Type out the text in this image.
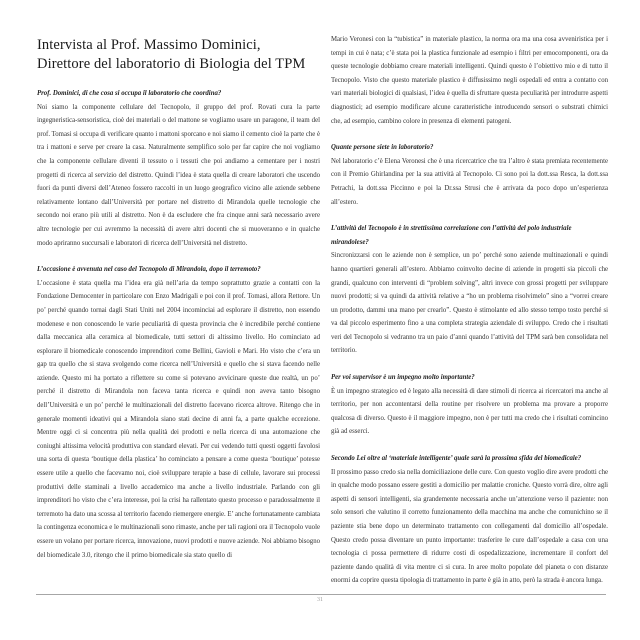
Intervista al Prof. Massimo Dominici,
Direttore del laboratorio di Biologia del TPM
Prof. Dominici, di che cosa si occupa il laboratorio che coordina?
Noi siamo la componente cellulare del Tecnopolo, il gruppo del prof. Rovati cura la parte ingegneristica-sensoristica, cioè dei materiali o del mattone se vogliamo usare un paragone, il team del prof. Tomasi si occupa di verificare quanto i mattoni sporcano e noi siamo il cemento cioè la parte che è tra i mattoni e serve per creare la casa. Naturalmente semplifico solo per far capire che noi vogliamo che la componente cellulare diventi il tessuto o i tessuti che poi andiamo a cementare per i nostri progetti di ricerca al servizio del distretto. Quindi l’idea è stata quella di creare laboratori che uscendo fuori da punti diversi dell’Ateneo fossero raccolti in un luogo geografico vicino alle aziende sebbene relativamente lontano dall’Università per portare nel distretto di Mirandola quelle tecnologie che secondo noi erano più utili al distretto. Non è da escludere che fra cinque anni sarà necessario avere altre tecnologie per cui avremmo la necessità di avere altri docenti che si muoveranno e in qualche modo apriranno succursali e laboratori di ricerca dell’Università nel distretto.
L’occasione è avvenuta nel caso del Tecnopolo di Mirandola, dopo il terremoto?
L’occasione è stata quella ma l’idea era già nell’aria da tempo soprattutto grazie a contatti con la Fondazione Democenter in particolare con Enzo Madrigali e poi con il prof. Tomasi, allora Rettore. Un po’ perché quando tornai dagli Stati Uniti nel 2004 incominciai ad esplorare il distretto, non essendo modenese e non conoscendo le varie peculiarità di questa provincia che è incredibile perché contiene dalla meccanica alla ceramica al biomedicale, tutti settori di altissimo livello. Ho cominciato ad esplorare il biomedicale conoscendo imprenditori come Bellini, Gavioli e Mari. Ho visto che c’era un gap tra quello che si stava svolgendo come ricerca nell’Università e quello che si stava facendo nelle aziende. Questo mi ha portato a riflettere su come si potevano avvicinare queste due realtà, un po’ perché il distretto di Mirandola non faceva tanta ricerca e quindi non aveva tanto bisogno dell’Università e un po’ perché le multinazionali del distretto facevano ricerca altrove. Ritengo che in generale momenti ideativi qui a Mirandola siano stati decine di anni fa, a parte qualche eccezione. Mentre oggi ci si concentra più nella qualità dei prodotti e nella ricerca di una automazione che coniughi altissima velocità produttiva con standard elevati. Per cui vedendo tutti questi oggetti favolosi una sorta di questa ‘boutique della plastica’ ho cominciato a pensare a come questa ‘boutique’ potesse essere utile a quello che facevamo noi, cioè sviluppare terapie a base di cellule, lavorare sui processi produttivi delle staminali a livello accademico ma anche a livello industriale. Parlando con gli imprenditori ho visto che c’era interesse, poi la crisi ha rallentato questo processo e paradossalmente il terremoto ha dato una scossa al territorio facendo riemergere energie. E’ anche fortunatamente cambiata la contingenza economica e le multinazionali sono rimaste, anche per tali ragioni ora il Tecnopolo vuole essere un volano per portare ricerca, innovazione, nuovi prodotti e nuove aziende. Noi abbiamo bisogno del biomedicale 3.0, ritengo che il primo biomedicale sia stato quello di
Mario Veronesi con la “tubistica” in materiale plastico, la norma ora ma una cosa avveniristica per i tempi in cui è nata; c’è stata poi la plastica funzionale ad esempio i filtri per emocomponenti, ora da queste tecnologie dobbiamo creare materiali intelligenti. Quindi questo è l’obiettivo mio e di tutto il Tecnopolo. Visto che questo materiale plastico è diffusissimo negli ospedali ed entra a contatto con vari materiali biologici di qualsiasi, l’idea è quella di sfruttare questa peculiarità per introdurre aspetti diagnostici; ad esempio modificare alcune caratteristiche introducendo sensori o substrati chimici che, ad esempio, cambino colore in presenza di elementi patogeni.
Quante persone siete in laboratorio?
Nel laboratorio c’è Elena Veronesi che è una ricercatrice che tra l’altro è stata premiata recentemente con il Premio Ghirlandina per la sua attività al Tecnopolo. Ci sono poi la dott.ssa Resca, la dott.ssa Petrachi, la dott.ssa Piccinno e poi la Dr.ssa Strusi che è arrivata da poco dopo un’esperienza all’estero.
L’attività del Tecnopolo è in strettissima correlazione con l’attività del polo industriale mirandolese?
Sincronizzarsi con le aziende non è semplice, un po’ perché sono aziende multinazionali e quindi hanno quartieri generali all’estero. Abbiamo coinvolto decine di aziende in progetti sia piccoli che grandi, qualcuno con interventi di “problem solving”, altri invece con grossi progetti per sviluppare nuovi prodotti; si va quindi da attività relative a “ho un problema risolvimelo” sino a “vorrei creare un prodotto, dammi una mano per crearlo”. Questo è stimolante ed allo stesso tempo tosto perché si va dal piccolo esperimento fino a una completa strategia aziendale di sviluppo. Credo che i risultati veri del Tecnopolo si vedranno tra un paio d’anni quando l’attività del TPM sarà ben consolidata nel territorio.
Per voi supervisor è un impegno molto importante?
È un impegno strategico ed è legato alla necessità di dare stimoli di ricerca ai ricercatori ma anche al territorio, per non accontentarsi della routine per risolvere un problema ma provare a proporre qualcosa di diverso. Questo è il maggiore impegno, non è per tutti ma credo che i risultati comincino già ad esserci.
Secondo Lei oltre al ‘materiale intelligente’ quale sarà la prossima sfida del biomedicale?
Il prossimo passo credo sia nella domiciliazione delle cure. Con questo voglio dire avere prodotti che in qualche modo possano essere gestiti a domicilio per malattie croniche. Questo vorrà dire, oltre agli aspetti di sensori intelligenti, sia grandemente necessaria anche un’attenzione verso il paziente: non solo sensori che valutino il corretto funzionamento della macchina ma anche che comunichino se il paziente stia bene dopo un determinato trattamento con collegamenti dal domicilio all’ospedale. Questo credo possa diventare un punto importante: trasferire le cure dall’ospedale a casa con una tecnologia ci possa permettere di ridurre costi di ospedalizzazione, incrementare il confort del paziente dando qualità di vita mentre ci si cura. In aree molto popolate del pianeta o con distanze enormi da coprire questa tipologia di trattamento in parte è già in atto, però la strada è ancora lunga.
31
